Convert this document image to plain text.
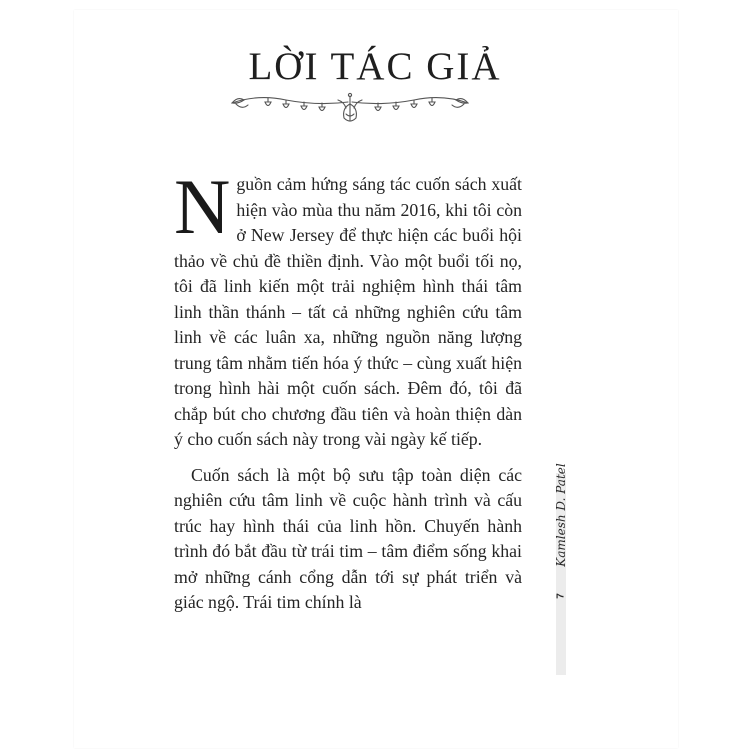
LỜI TÁC GIẢ

Nguồn cảm hứng sáng tác cuốn sách xuất hiện vào mùa thu năm 2016, khi tôi còn ở New Jersey để thực hiện các buổi hội thảo về chủ đề thiền định. Vào một buổi tối nọ, tôi đã linh kiến một trải nghiệm hình thái tâm linh thần thánh – tất cả những nghiên cứu tâm linh về các luân xa, những nguồn năng lượng trung tâm nhằm tiến hóa ý thức – cùng xuất hiện trong hình hài một cuốn sách. Đêm đó, tôi đã chắp bút cho chương đầu tiên và hoàn thiện dàn ý cho cuốn sách này trong vài ngày kế tiếp.

Cuốn sách là một bộ sưu tập toàn diện các nghiên cứu tâm linh về cuộc hành trình và cấu trúc hay hình thái của linh hồn. Chuyến hành trình đó bắt đầu từ trái tim – tâm điểm sống khai mở những cánh cổng dẫn tới sự phát triển và giác ngộ. Trái tim chính là

Kamlesh D. Patel
7
